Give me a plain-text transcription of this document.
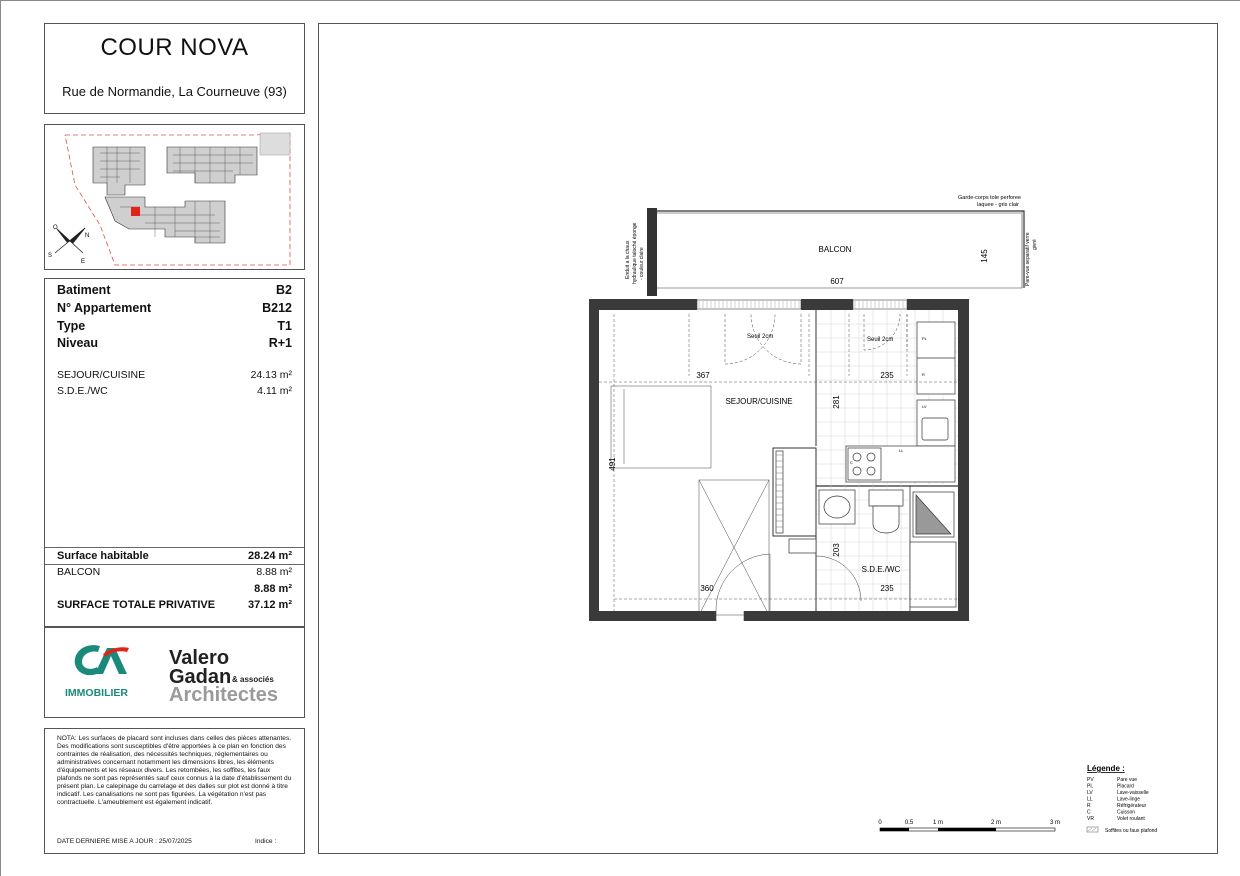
COUR NOVA
Rue de Normandie, La Courneuve (93)
O
N
S
E
Batiment	B2
N° Appartement	B212
Type	T1
Niveau	R+1
SEJOUR/CUISINE	24.13 m²
S.D.E./WC	4.11 m²
Surface habitable	28.24 m²
BALCON	8.88 m²
8.88 m²
SURFACE TOTALE PRIVATIVE	37.12 m²
IMMOBILIER
Valero
Gadan & associés
Architectes
NOTA: Les surfaces de placard sont incluses dans celles des pièces attenantes. Des modifications sont susceptibles d'être apportées à ce plan en fonction des contraintes de réalisation, des nécessités techniques, réglementaires ou administratives concernant notamment les dimensions libres, les éléments d'équipements et les réseaux divers. Les retombées, les soffites, les faux plafonds ne sont pas représentés sauf ceux connus à la date d'établissement du présent plan. Le calepinage du carrelage et des dalles sur plot est donné à titre indicatif. Les canalisations ne sont pas figurées. La végétation n'est pas contractuelle. L'ameublement est également indicatif.
DATE DERNIERE MISE A JOUR : 25/07/2025	Indice :
BALCON
607
145
Garde-corps tole perforee
laquee - gris clair
Enduit a la chaux hydraulique taloché éponge - couleur claire	Pare-vue separatif verre givré
PL
R
LV
C
LL
Seuil 2cm	Seuil 2cm
367	235
SEJOUR/CUISINE	281
491
203
S.D.E./WC
360	235
Légende :
PV	Pare vue
PL	Placard
LV	Lave-vaisselle
LL	Lave-linge
R	Réfrigérateur
C	Cuisson
VR	Volet roulant
Soffites ou faux plafond
0	0.5	1 m	2 m	3 m
